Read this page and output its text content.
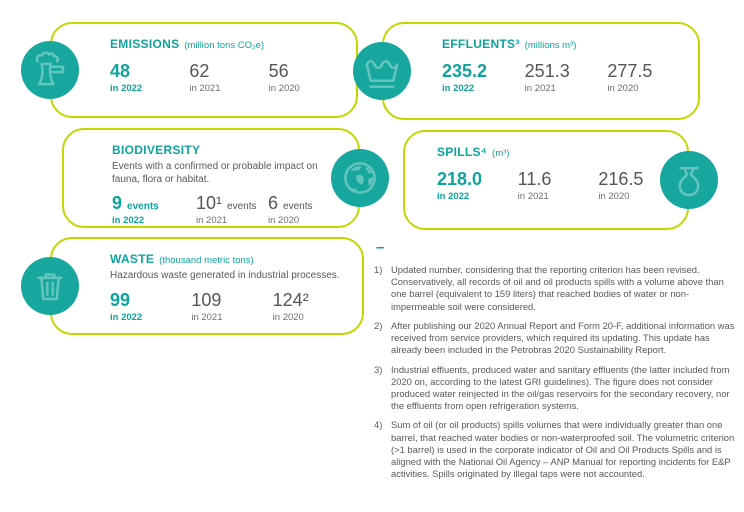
EMISSIONS (million tons CO₂e)
48
in 2022
62
in 2021
56
in 2020
EFFLUENTS³ (millions m³)
235.2
in 2022
251.3
in 2021
277.5
in 2020
BIODIVERSITY
Events with a confirmed or probable impact on fauna, flora or habitat.
9 events
in 2022
10¹ events
in 2021
6 events
in 2020
SPILLS⁴ (m³)
218.0
in 2022
11.6
in 2021
216.5
in 2020
WASTE (thousand metric tons)
Hazardous waste generated in industrial processes.
99
in 2022
109
in 2021
124²
in 2020
–
1) Updated number, considering that the reporting criterion has been revised. Conservatively, all records of oil and oil products spills with a volume above than one barrel (equivalent to 159 liters) that reached bodies of water or non- impermeable soil were considered.
2) After publishing our 2020 Annual Report and Form 20-F, additional information was received from service providers, which required its updating. This update has already been included in the Petrobras 2020 Sustainability Report.
3) Industrial effluents, produced water and sanitary effluents (the latter included from 2020 on, according to the latest GRI guidelines). The figure does not consider produced water reinjected in the oil/gas reservoirs for the secondary recovery, nor the effluents from open refrigeration systems.
4) Sum of oil (or oil products) spills volumes that were individually greater than one barrel, that reached water bodies or non-waterproofed soil. The volumetric criterion (>1 barrel) is used in the corporate indicator of Oil and Oil Products Spills and is aligned with the National Oil Agency – ANP Manual for reporting incidents for E&P activities. Spills originated by illegal taps were not accounted.
